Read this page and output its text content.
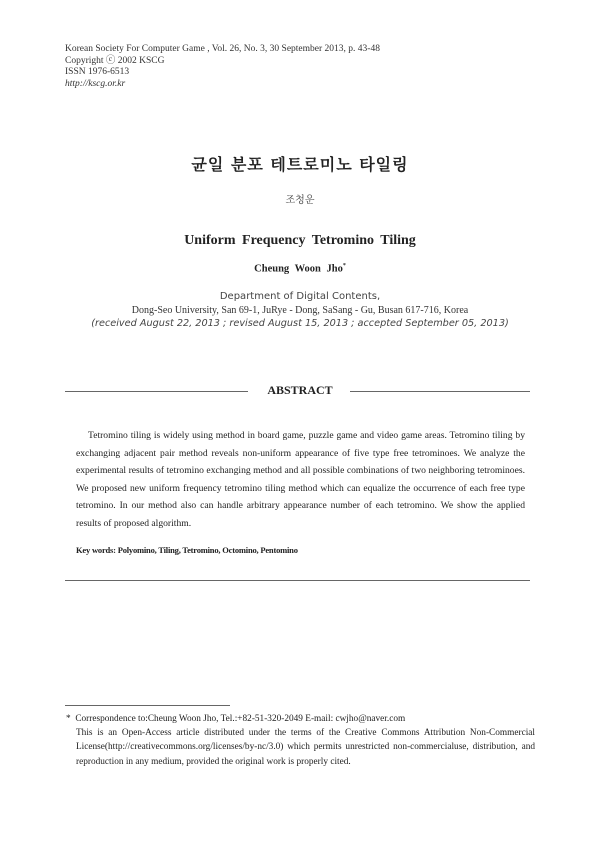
Korean Society For Computer Game , Vol. 26, No. 3, 30 September 2013, p. 43-48
Copyright ⓒ 2002 KSCG
ISSN 1976-6513
http://kscg.or.kr
균일 분포 테트로미노 타일링
조청운
Uniform Frequency Tetromino Tiling
Cheung Woon Jho*
Department of Digital Contents,
Dong-Seo University, San 69-1, JuRye - Dong, SaSang - Gu, Busan 617-716, Korea
(received August 22, 2013 ; revised August 15, 2013 ; accepted September 05, 2013)
ABSTRACT
Tetromino tiling is widely using method in board game, puzzle game and video game areas. Tetromino tiling by exchanging adjacent pair method reveals non-uniform appearance of five type free tetrominoes. We analyze the experimental results of tetromino exchanging method and all possible combinations of two neighboring tetrominoes. We proposed new uniform frequency tetromino tiling method which can equalize the occurrence of each free type tetromino. In our method also can handle arbitrary appearance number of each tetromino. We show the applied results of proposed algorithm.
Key words: Polyomino, Tiling, Tetromino, Octomino, Pentomino
* Correspondence to:Cheung Woon Jho, Tel.:+82-51-320-2049 E-mail: cwjho@naver.com
This is an Open-Access article distributed under the terms of the Creative Commons Attribution Non-Commercial License(http://creativecommons.org/licenses/by-nc/3.0) which permits unrestricted non-commercialuse, distribution, and reproduction in any medium, provided the original work is properly cited.
